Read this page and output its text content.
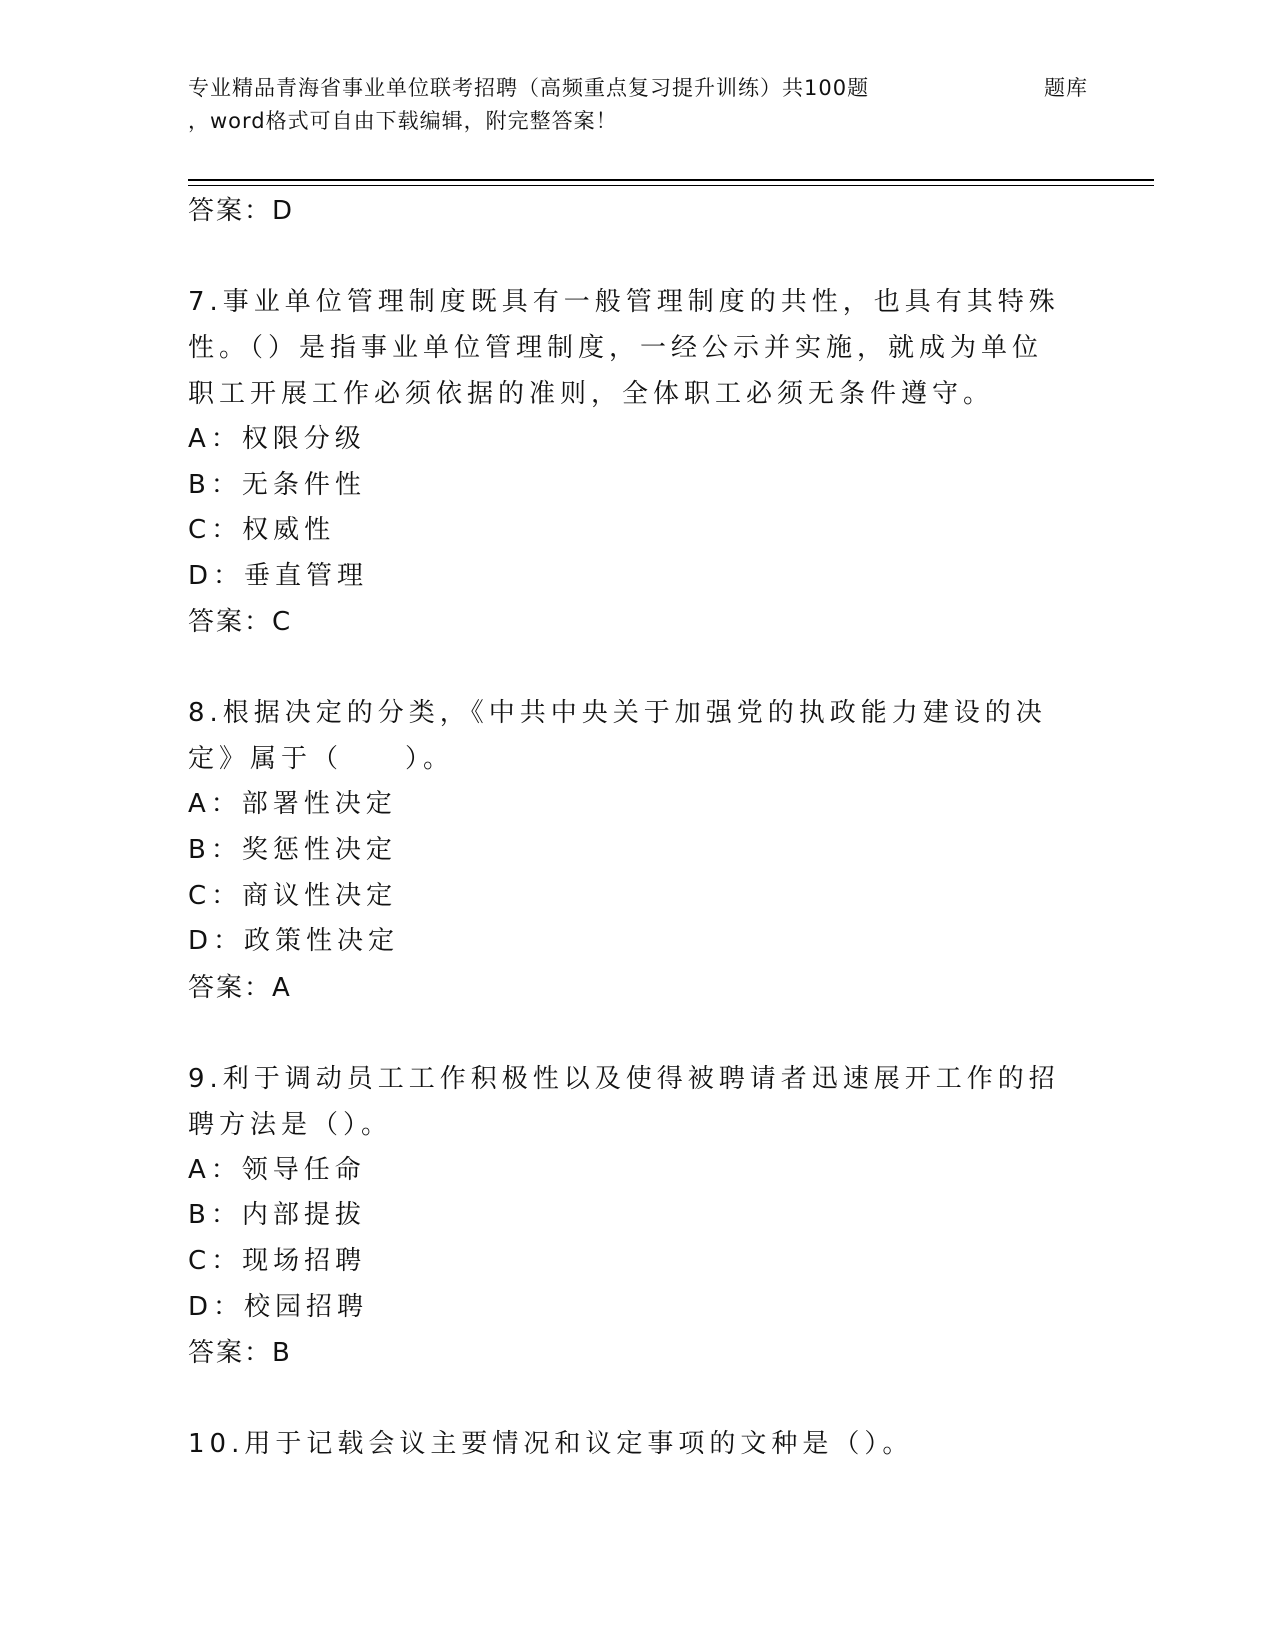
专业精品青海省事业单位联考招聘（高频重点复习提升训练）共100题	题库
，word格式可自由下载编辑，附完整答案！

答案：D

7.事业单位管理制度既具有一般管理制度的共性，也具有其特殊性。（）是指事业单位管理制度，一经公示并实施，就成为单位职工开展工作必须依据的准则，全体职工必须无条件遵守。

A：权限分级

B：无条件性

C：权威性

D：垂直管理

答案：C

8.根据决定的分类，《中共中央关于加强党的执政能力建设的决定》属于（　　）。

A：部署性决定

B：奖惩性决定

C：商议性决定

D：政策性决定

答案：A

9.利于调动员工工作积极性以及使得被聘请者迅速展开工作的招聘方法是（）。

A：领导任命

B：内部提拔

C：现场招聘

D：校园招聘

答案：B

10.用于记载会议主要情况和议定事项的文种是（）。
